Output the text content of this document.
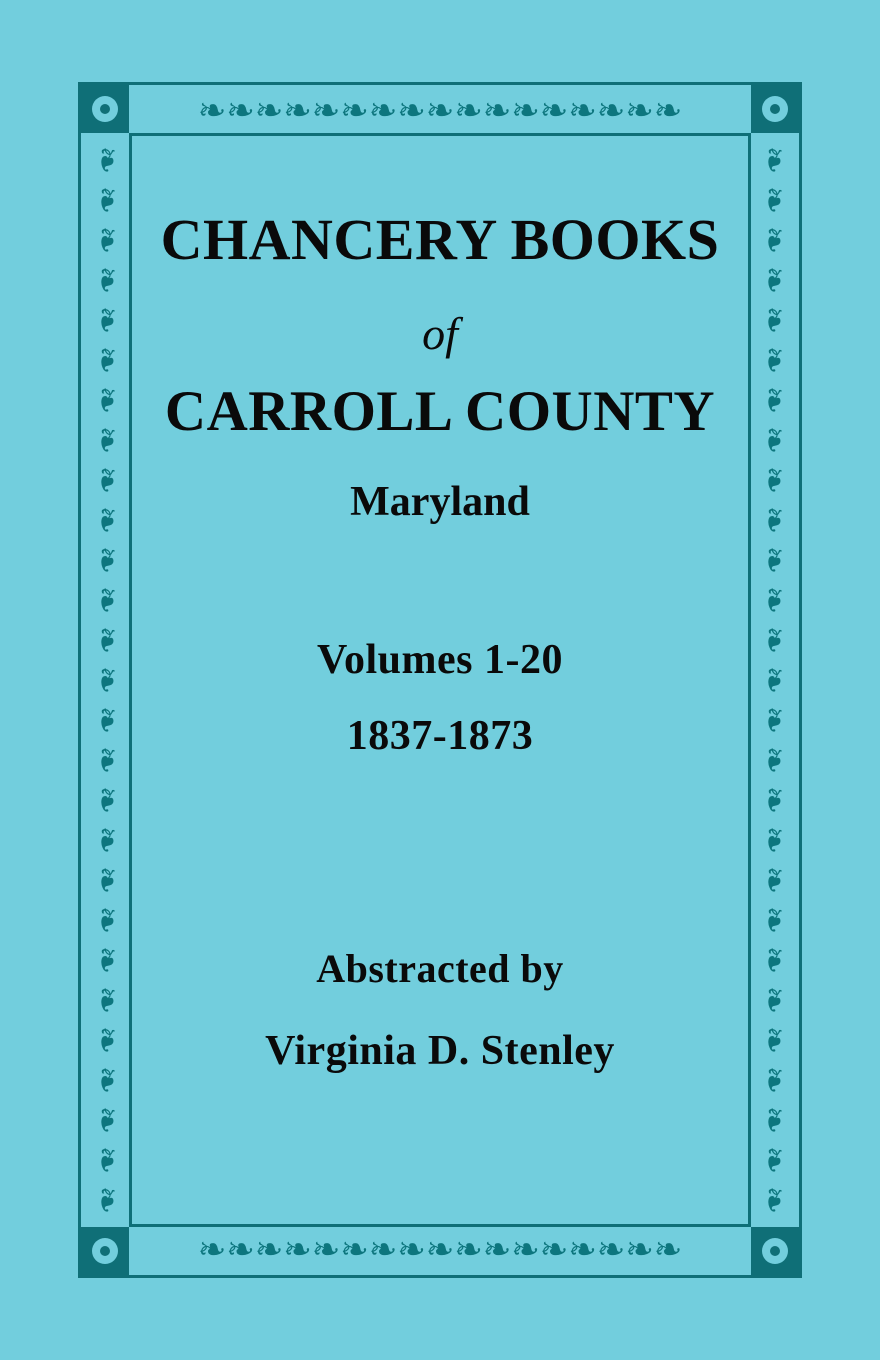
❧ ❧ ❧ ❧ ❧ ❧ ❧ ❧ ❧ ❧ ❧ ❧ ❧ ❧ ❧ ❧ ❧
❧ ❧ ❧ ❧ ❧ ❧ ❧ ❧ ❧ ❧ ❧ ❧ ❧ ❧ ❧ ❧ ❧
❧
❧
❧
❧
❧
❧
❧
❧
❧
❧
❧
❧
❧
❧
❧
❧
❧
❧
❧
❧
❧
❧
❧
❧
❧
❧
❧
❧
❧
❧
❧
❧
❧
❧
❧
❧
❧
❧
❧
❧
❧
❧
❧
❧
❧
❧
❧
❧
❧
❧
❧
❧
❧
❧
CHANCERY BOOKS
of
CARROLL COUNTY
Maryland
Volumes 1-20
1837-1873
Abstracted by
Virginia D. Stenley
